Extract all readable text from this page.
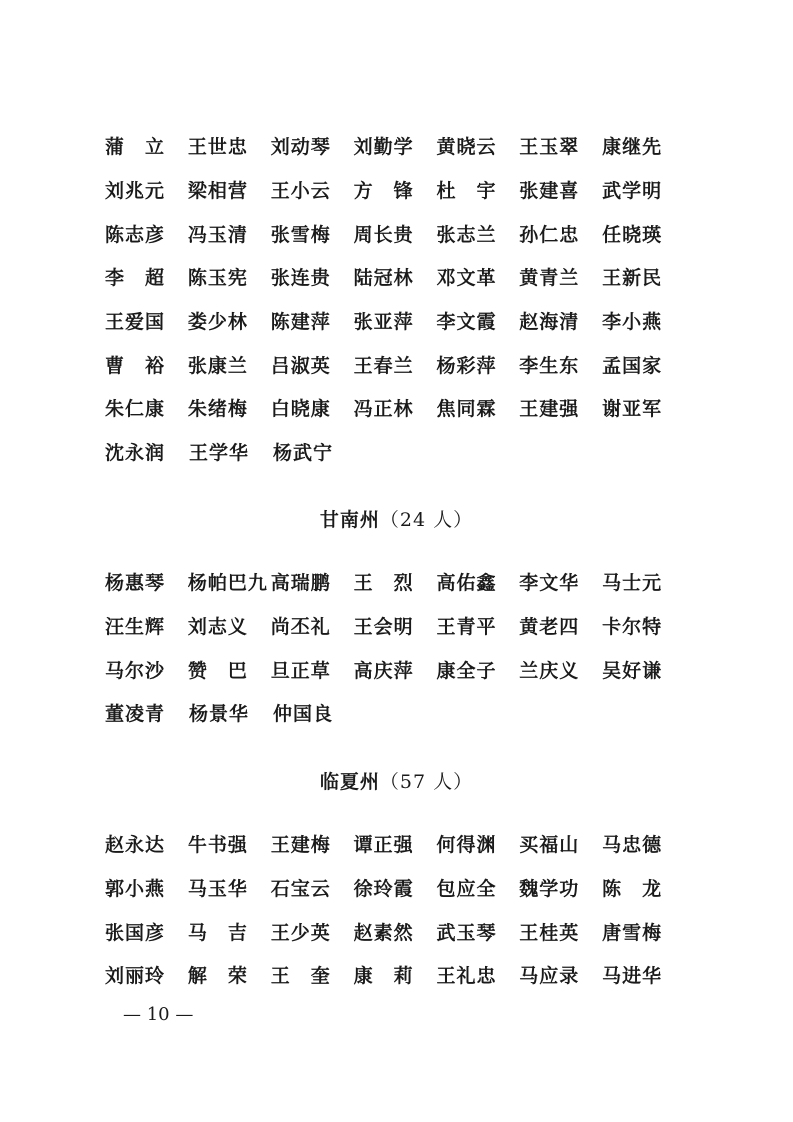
蒲　立	王世忠	刘动琴	刘勤学	黄晓云	王玉翠	康继先
刘兆元	梁相营	王小云	方　锋	杜　宇	张建喜	武学明
陈志彦	冯玉清	张雪梅	周长贵	张志兰	孙仁忠	任晓瑛
李　超	陈玉宪	张连贵	陆冠林	邓文革	黄青兰	王新民
王爱国	娄少林	陈建萍	张亚萍	李文霞	赵海清	李小燕
曹　裕	张康兰	吕淑英	王春兰	杨彩萍	李生东	孟国家
朱仁康	朱绪梅	白晓康	冯正林	焦同霖	王建强	谢亚军
沈永润	王学华	杨武宁
甘南州（24 人）
杨惠琴	杨帕巴九 高瑞鹏	王　烈	高佑鑫	李文华	马士元
汪生辉	刘志义	尚丕礼	王会明	王青平	黄老四	卡尔特
马尔沙	赞　巴	旦正草	高庆萍	康全子	兰庆义	吴好谦
董凌青	杨景华	仲国良
临夏州（57 人）
赵永达	牛书强	王建梅	谭正强	何得渊	买福山	马忠德
郭小燕	马玉华	石宝云	徐玲霞	包应全	魏学功	陈　龙
张国彦	马　吉	王少英	赵素然	武玉琴	王桂英	唐雪梅
刘丽玲	解　荣	王　奎	康　莉	王礼忠	马应录	马进华
— 10 —
